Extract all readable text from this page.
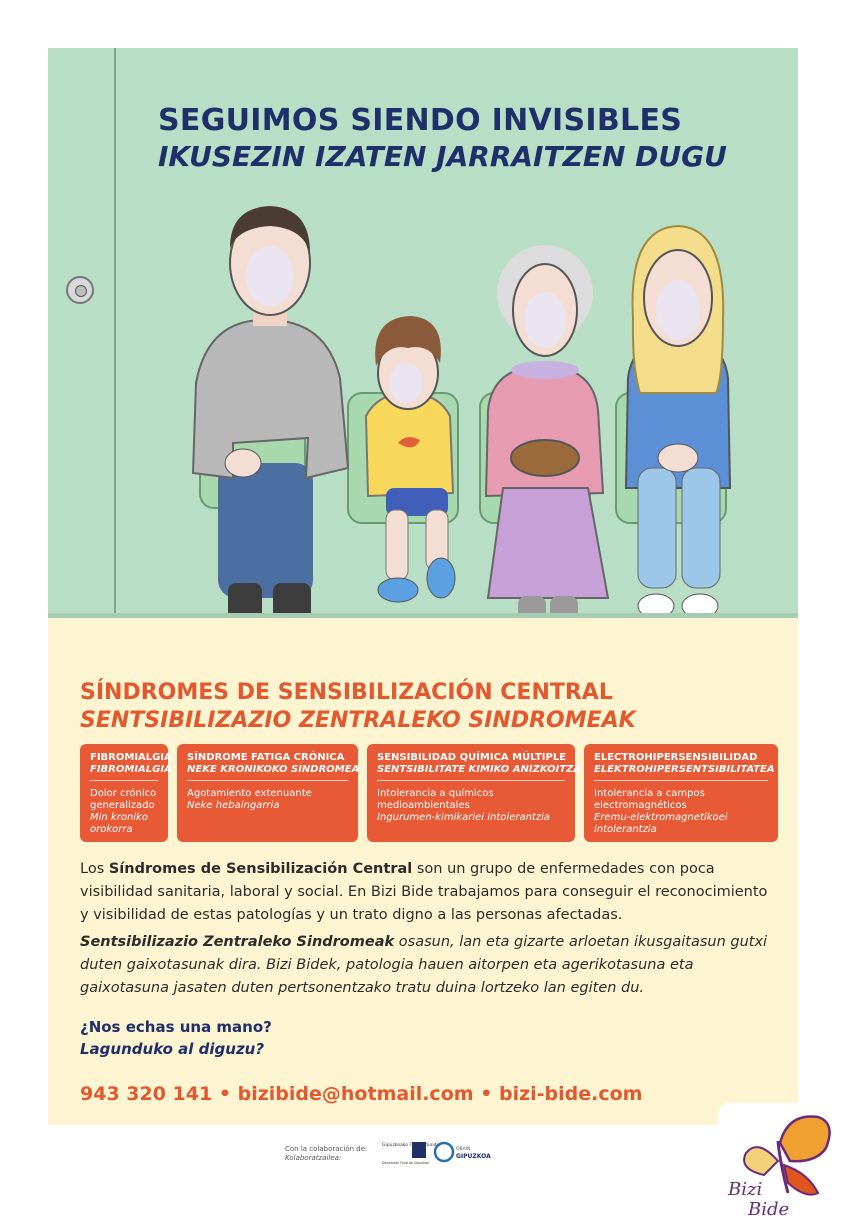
SEGUIMOS SIENDO INVISIBLES
IKUSEZIN IZATEN JARRAITZEN DUGU
SÍNDROMES DE SENSIBILIZACIÓN CENTRAL
SENTSIBILIZAZIO ZENTRALEKO SINDROMEAK
FIBROMIALGIA
FIBROMIALGIA
Dolor crónico generalizado
Min kroniko orokorra
SÍNDROME FATIGA CRÓNICA
NEKE KRONIKOKO SINDROMEA
Agotamiento extenuante
Neke hebaingarria
SENSIBILIDAD QUÍMICA MÚLTIPLE
SENTSIBILITATE KIMIKO ANIZKOITZA
Intolerancia a químicos medioambientales
Ingurumen-kimikariei intolerantzia
ELECTROHIPERSENSIBILIDAD
ELEKTROHIPERSENTSIBILITATEA
Intolerancia a campos electromagnéticos
Eremu-elektromagnetikoei intolerantzia

Los Síndromes de Sensibilización Central son un grupo de enfermedades con poca visibilidad sanitaria, laboral y social. En Bizi Bide trabajamos para conseguir el reconocimiento y visibilidad de estas patologías y un trato digno a las personas afectadas.

Sentsibilizazio Zentraleko Sindromeak osasun, lan eta gizarte arloetan ikusgaitasun gutxi duten gaixotasunak dira. Bizi Bidek, patologia hauen aitorpen eta agerikotasuna eta gaixotasuna jasaten duten pertsonentzako tratu duina lortzeko lan egiten du.

¿Nos echas una mano?

Lagunduko al diguzu?

943 320 141 • bizibide@hotmail.com • bizi-bide.com

Bizi
Bide
Con la colaboración de:
Kolaboratzailea:
Gipuzkoako Foru Aldundia
Diputación Foral de Gipuzkoa
OBAIN
GIPUZKOA
